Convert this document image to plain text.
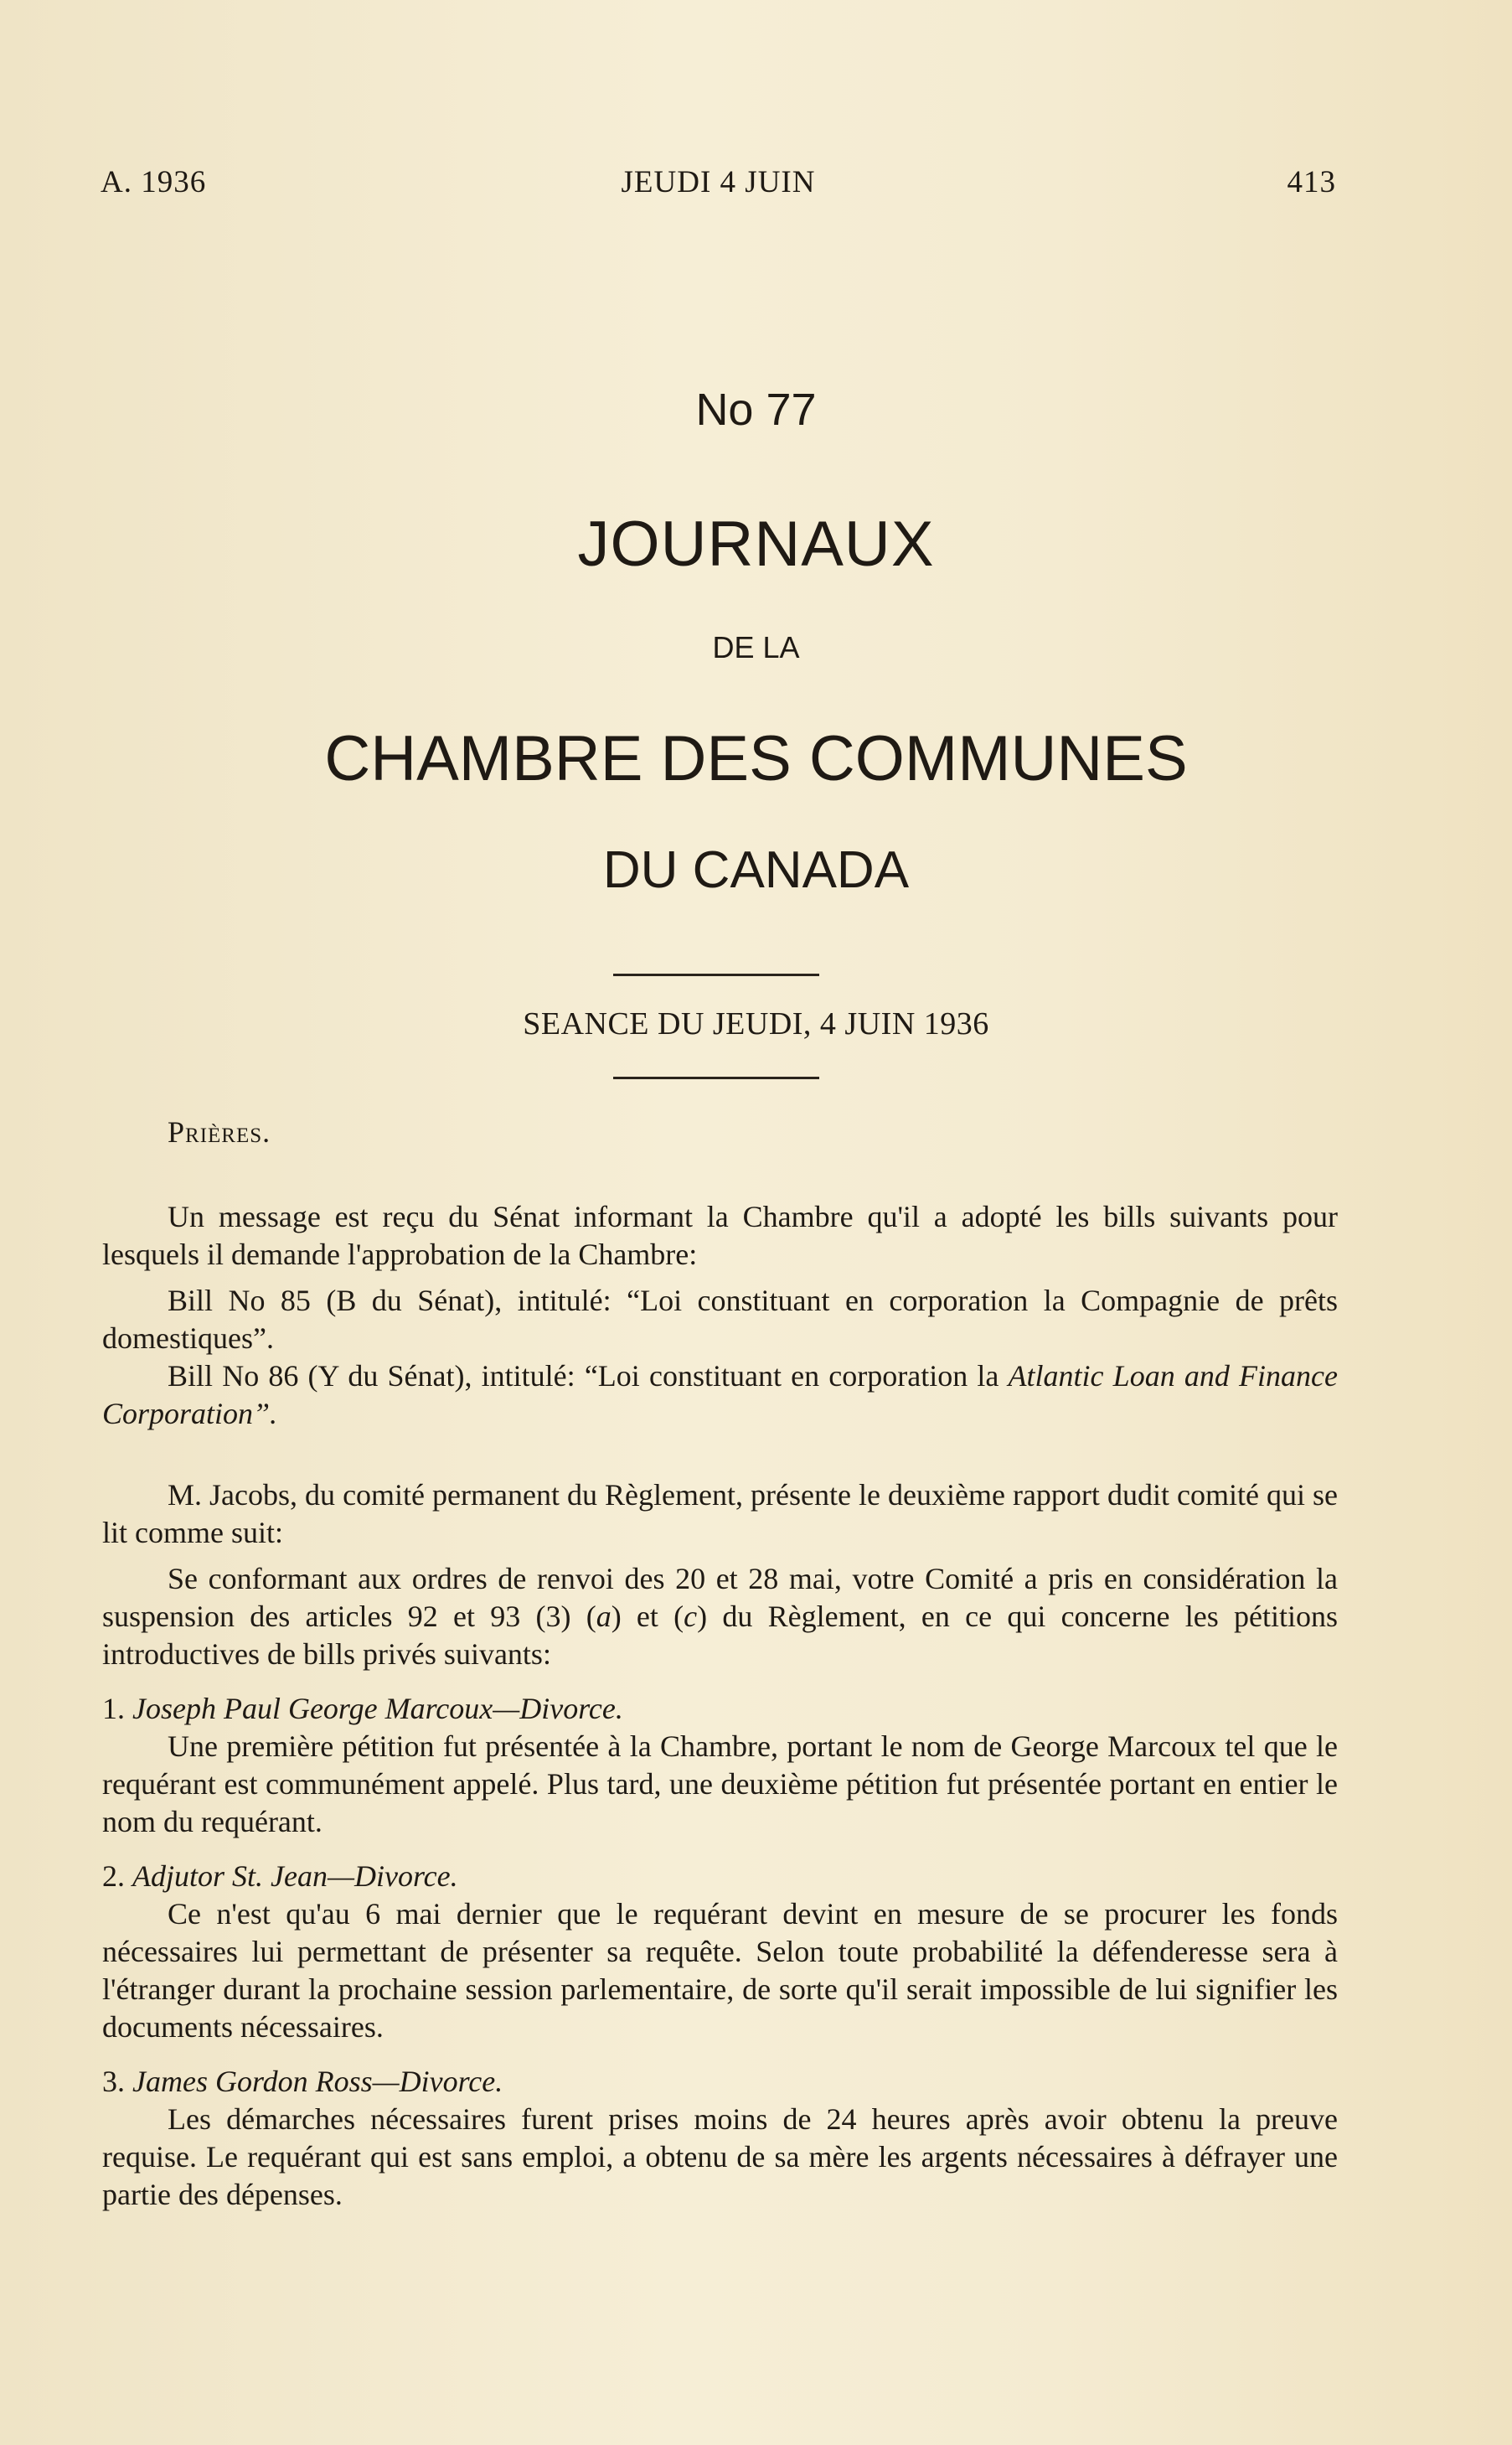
A. 1936	JEUDI 4 JUIN	413
No 77
JOURNAUX
DE LA
CHAMBRE DES COMMUNES
DU CANADA
SEANCE DU JEUDI, 4 JUIN 1936
Prières.

Un message est reçu du Sénat informant la Chambre qu'il a adopté les bills suivants pour lesquels il demande l'approbation de la Chambre:

Bill No 85 (B du Sénat), intitulé: “Loi constituant en corporation la Compagnie de prêts domestiques”.

Bill No 86 (Y du Sénat), intitulé: “Loi constituant en corporation la Atlantic Loan and Finance Corporation”.

M. Jacobs, du comité permanent du Règlement, présente le deuxième rapport dudit comité qui se lit comme suit:

Se conformant aux ordres de renvoi des 20 et 28 mai, votre Comité a pris en considération la suspension des articles 92 et 93 (3) (a) et (c) du Règlement, en ce qui concerne les pétitions introductives de bills privés suivants:

1. Joseph Paul George Marcoux—Divorce.

Une première pétition fut présentée à la Chambre, portant le nom de George Marcoux tel que le requérant est communément appelé. Plus tard, une deuxième pétition fut présentée portant en entier le nom du requérant.

2. Adjutor St. Jean—Divorce.

Ce n'est qu'au 6 mai dernier que le requérant devint en mesure de se procurer les fonds nécessaires lui permettant de présenter sa requête. Selon toute probabilité la défenderesse sera à l'étranger durant la prochaine session parlementaire, de sorte qu'il serait impossible de lui signifier les documents nécessaires.

3. James Gordon Ross—Divorce.

Les démarches nécessaires furent prises moins de 24 heures après avoir obtenu la preuve requise. Le requérant qui est sans emploi, a obtenu de sa mère les argents nécessaires à défrayer une partie des dépenses.
